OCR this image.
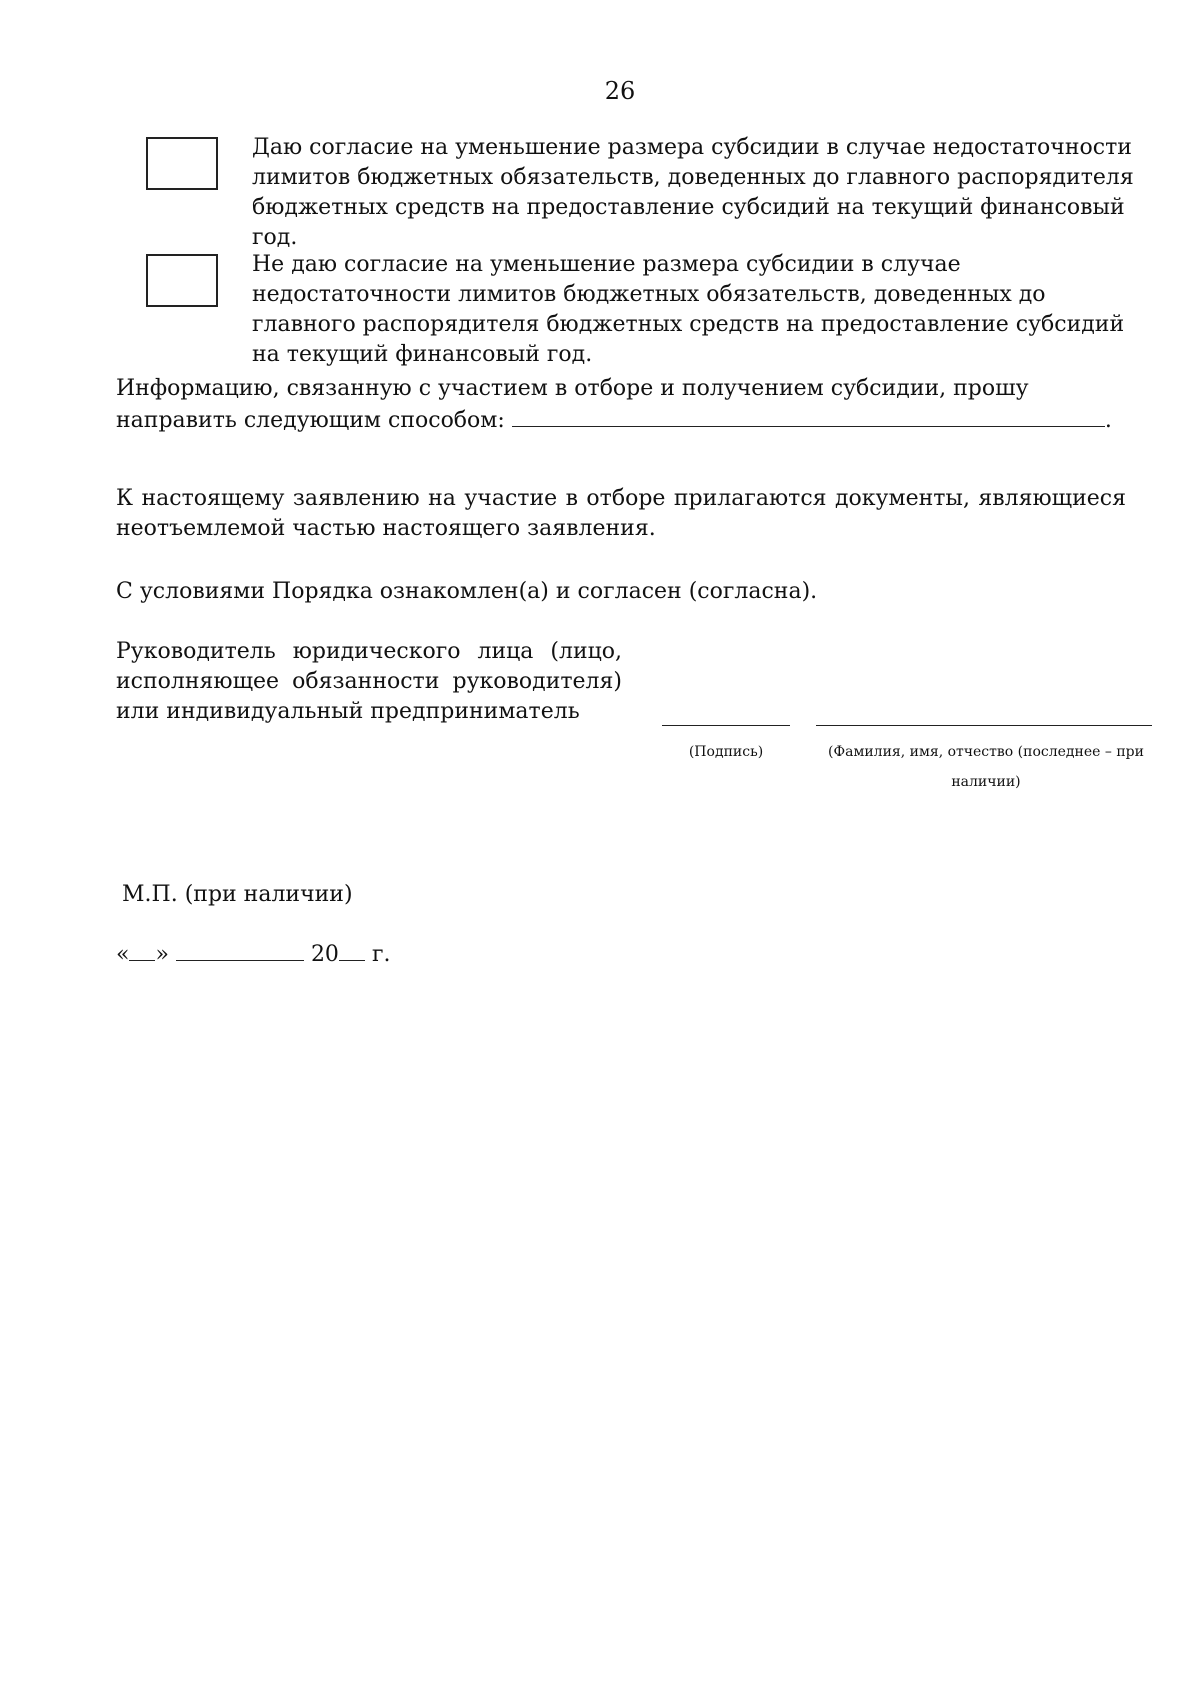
26
Даю согласие на уменьшение размера субсидии в случае недостаточности лимитов бюджетных обязательств, доведенных до главного распорядителя бюджетных средств на предоставление субсидий на текущий финансовый год.
Не даю согласие на уменьшение размера субсидии в случае недостаточности лимитов бюджетных обязательств, доведенных до главного распорядителя бюджетных средств на предоставление субсидий на текущий финансовый год.
Информацию, связанную с участием в отборе и получением субсидии, прошу направить следующим способом:	.
К настоящему заявлению на участие в отборе прилагаются документы, являющиеся неотъемлемой частью настоящего заявления.
С условиями Порядка ознакомлен(а) и согласен (согласна).
Руководитель юридического лица (лицо, исполняющее обязанности руководителя) или индивидуальный предприниматель
(Подпись)	(Фамилия, имя, отчество (последнее – при наличии)
М.П. (при наличии)
« »	20 г.
